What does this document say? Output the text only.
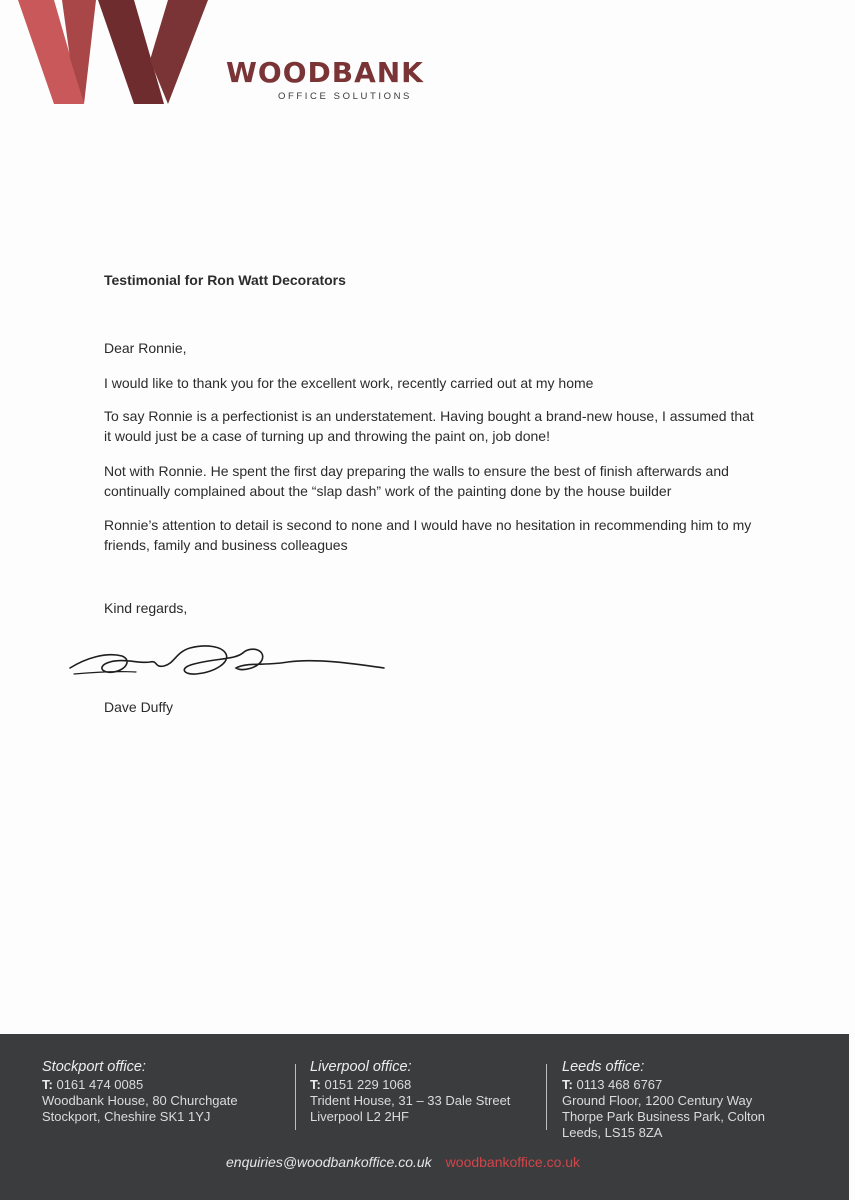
WOODBANK
OFFICE SOLUTIONS
Testimonial for Ron Watt Decorators
Dear Ronnie,
I would like to thank you for the excellent work, recently carried out at my home
To say Ronnie is a perfectionist is an understatement. Having bought a brand-new house, I assumed that it would just be a case of turning up and throwing the paint on, job done!
Not with Ronnie. He spent the first day preparing the walls to ensure the best of finish afterwards and continually complained about the “slap dash” work of the painting done by the house builder
Ronnie’s attention to detail is second to none and I would have no hesitation in recommending him to my friends, family and business colleagues
Kind regards,
Dave Duffy
Stockport office:
T: 0161 474 0085
Woodbank House, 80 Churchgate
Stockport, Cheshire SK1 1YJ
Liverpool office:
T: 0151 229 1068
Trident House, 31 – 33 Dale Street
Liverpool L2 2HF
Leeds office:
T: 0113 468 6767
Ground Floor, 1200 Century Way
Thorpe Park Business Park, Colton
Leeds, LS15 8ZA
enquiries@woodbankoffice.co.uk woodbankoffice.co.uk
